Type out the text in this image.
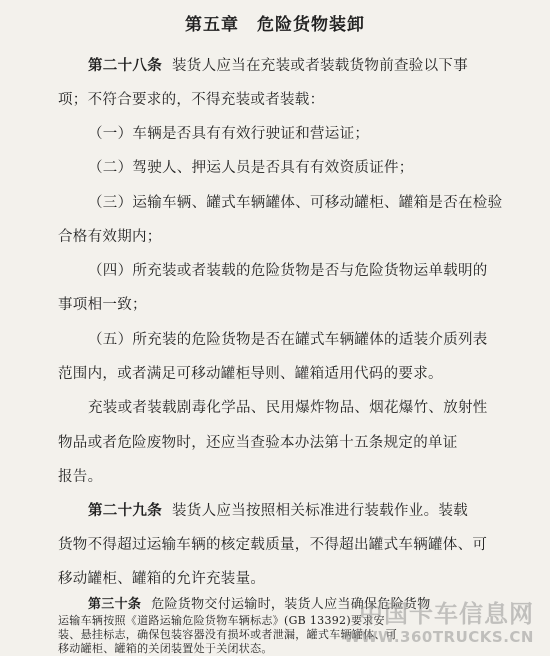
第五章　危险货物装卸
第二十八条 装货人应当在充装或者装载货物前查验以下事
项；不符合要求的，不得充装或者装载：
（一）车辆是否具有有效行驶证和营运证；
（二）驾驶人、押运人员是否具有有效资质证件；
（三）运输车辆、罐式车辆罐体、可移动罐柜、罐箱是否在检验
合格有效期内；
（四）所充装或者装载的危险货物是否与危险货物运单载明的
事项相一致；
（五）所充装的危险货物是否在罐式车辆罐体的适装介质列表
范围内，或者满足可移动罐柜导则、罐箱适用代码的要求。
充装或者装载剧毒化学品、民用爆炸物品、烟花爆竹、放射性
物品或者危险废物时，还应当查验本办法第十五条规定的单证
报告。
第二十九条 装货人应当按照相关标准进行装载作业。装载
货物不得超过运输车辆的核定载质量，不得超出罐式车辆罐体、可
移动罐柜、罐箱的允许充装量。
第三十条 危险货物交付运输时，装货人应当确保危险货物
运输车辆按照《道路运输危险货物车辆标志》(GB 13392)要求安
装、悬挂标志，确保包装容器没有损坏或者泄漏，罐式车辆罐体、可
移动罐柜、罐箱的关闭装置处于关闭状态。
中国卡车信息网
WWW.360TRUCKS.CN
